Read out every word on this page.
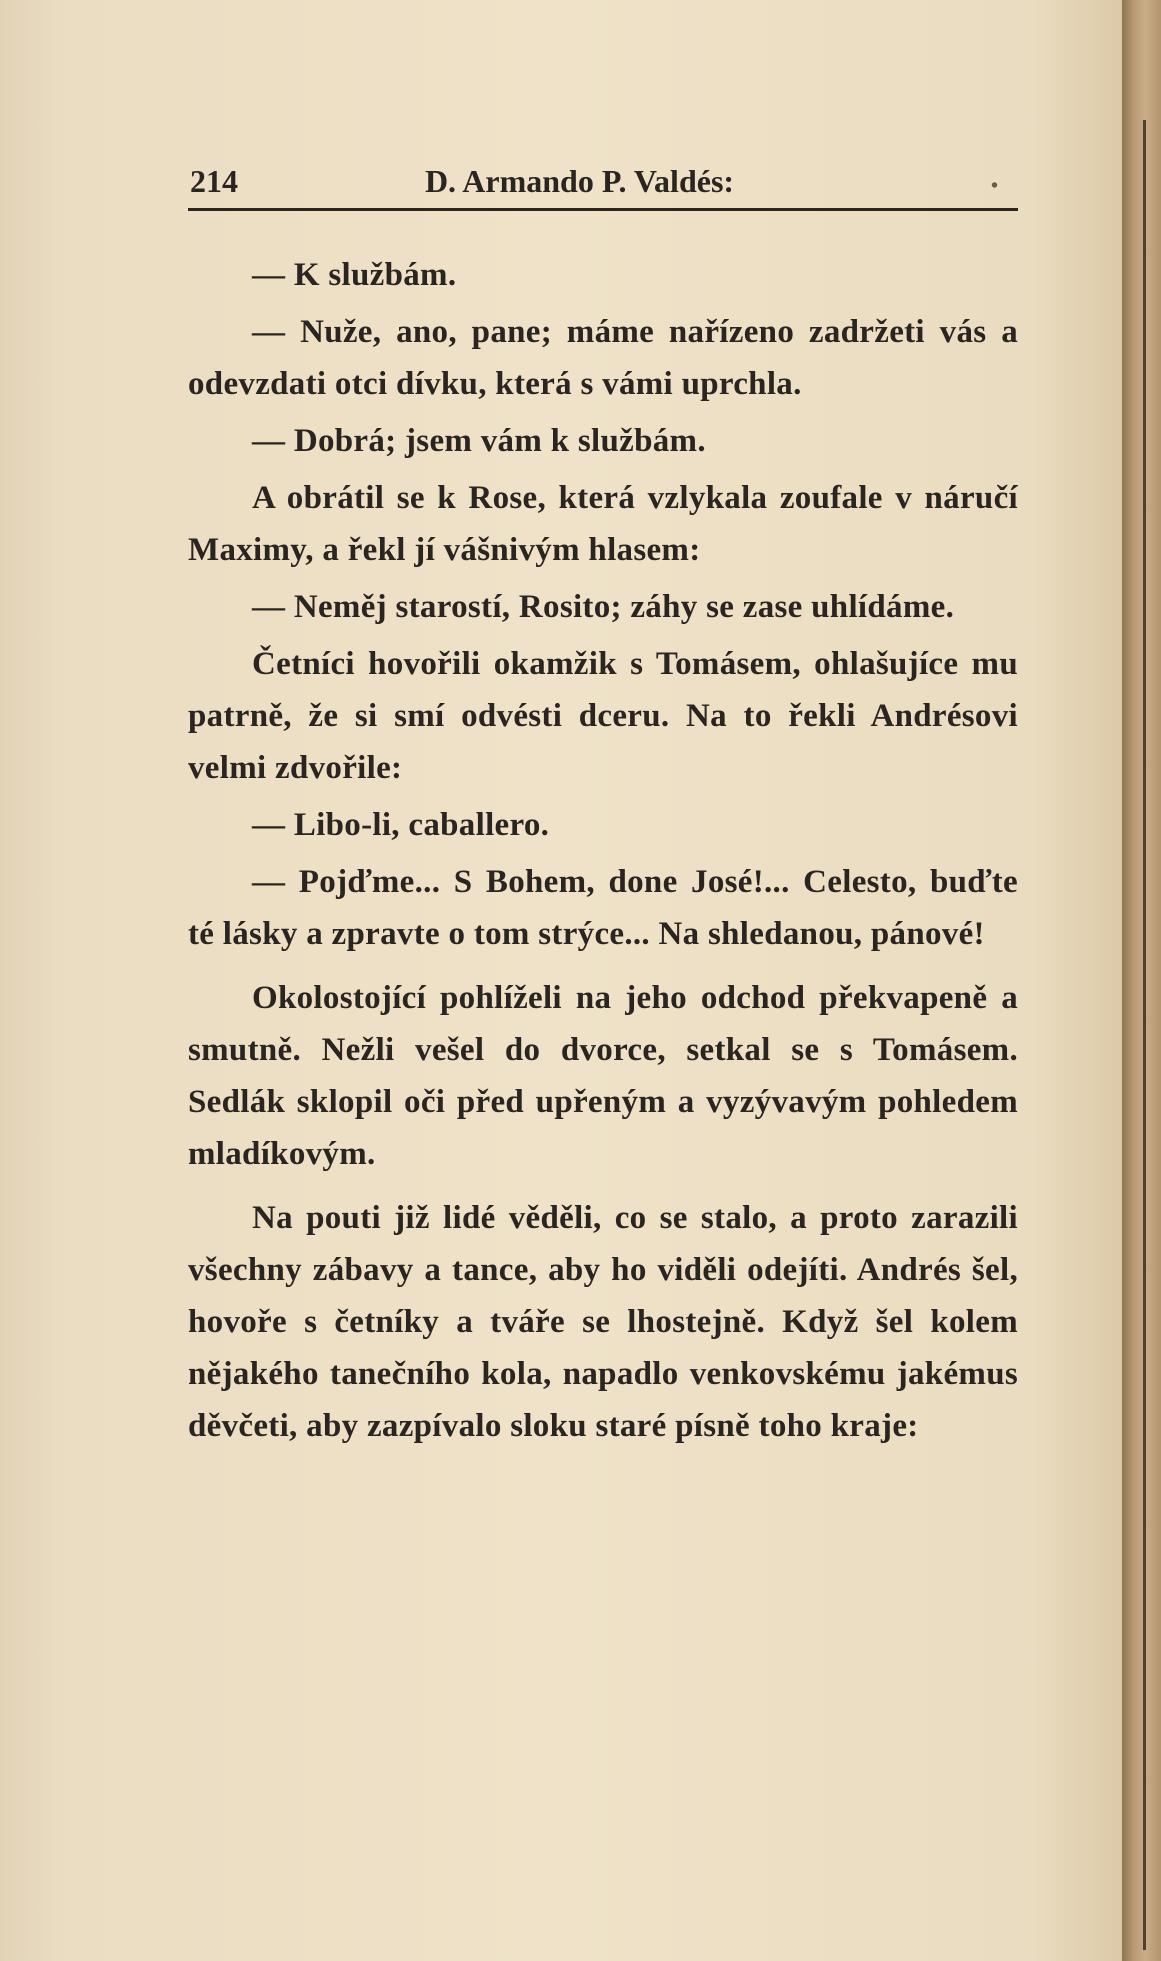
214	D. Armando P. Valdés:	•

— K službám.

— Nuže, ano, pane; máme nařízeno zadržeti vás a odevzdati otci dívku, která s vámi uprchla.

— Dobrá; jsem vám k službám.

A obrátil se k Rose, která vzlykala zoufale v náručí Maximy, a řekl jí vášnivým hlasem:

— Neměj starostí, Rosito; záhy se zase uhlídáme.

Četníci hovořili okamžik s Tomásem, ohlašujíce mu patrně, že si smí odvésti dceru. Na to řekli Andrésovi velmi zdvořile:

— Libo-li, caballero.

— Pojďme... S Bohem, done José!... Celesto, buďte té lásky a zpravte o tom strýce... Na shledanou, pánové!

Okolostojící pohlíželi na jeho odchod překvapeně a smutně. Nežli vešel do dvorce, setkal se s Tomásem. Sedlák sklopil oči před upřeným a vyzývavým pohledem mladíkovým.

Na pouti již lidé věděli, co se stalo, a proto zarazili všechny zábavy a tance, aby ho viděli odejíti. Andrés šel, hovoře s četníky a tváře se lhostejně. Když šel kolem nějakého tanečního kola, napadlo venkovskému jakémus děvčeti, aby zazpívalo sloku staré písně toho kraje:
